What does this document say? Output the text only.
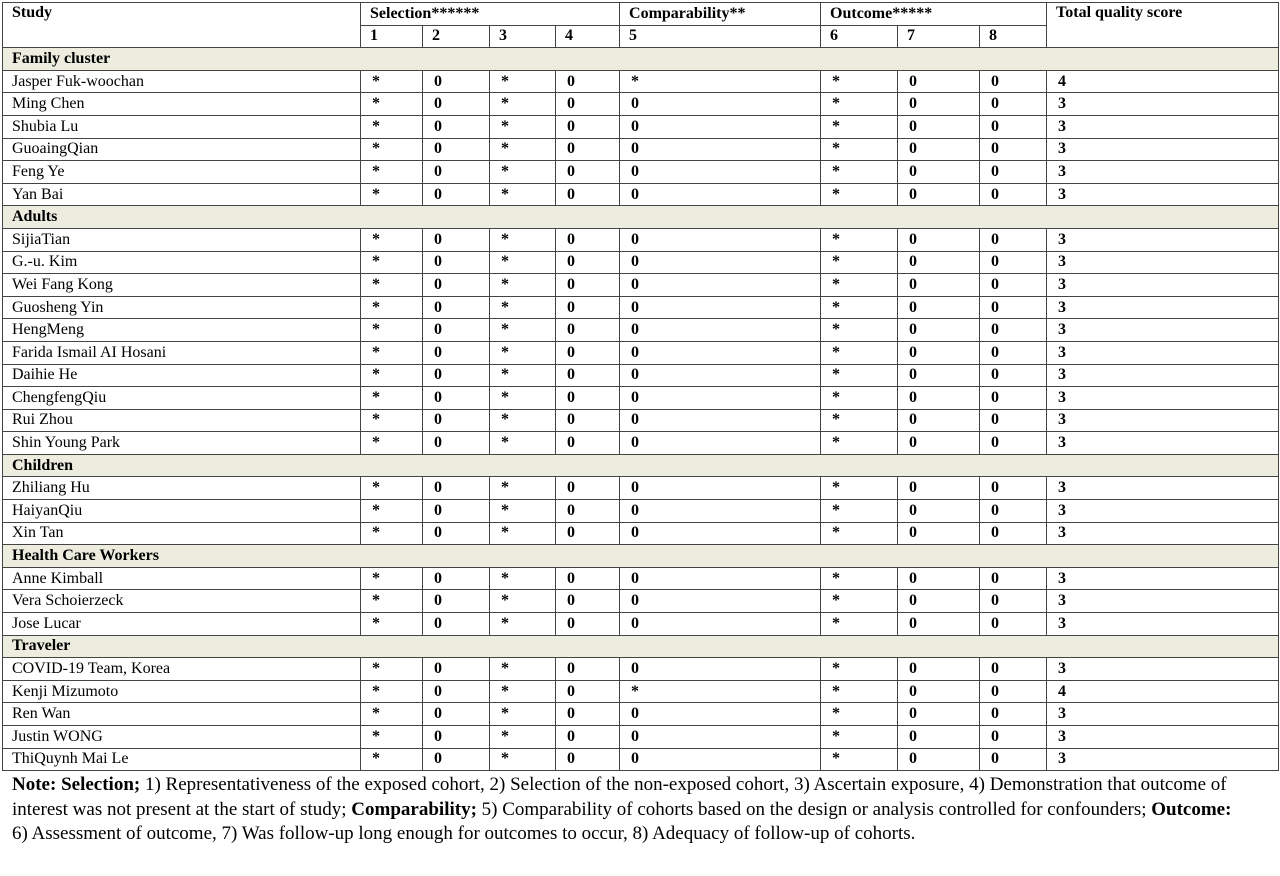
Study	Selection******				Comparability**	Outcome*****			Total quality score
	1	2	3	4	5	6	7	8	
Family cluster									
Jasper Fuk-woochan	*	0	*	0	*	*	0	0	4
Ming Chen	*	0	*	0	0	*	0	0	3
Shubia Lu	*	0	*	0	0	*	0	0	3
GuoaingQian	*	0	*	0	0	*	0	0	3
Feng Ye	*	0	*	0	0	*	0	0	3
Yan Bai	*	0	*	0	0	*	0	0	3
Adults									
SijiaTian	*	0	*	0	0	*	0	0	3
G.-u. Kim	*	0	*	0	0	*	0	0	3
Wei Fang Kong	*	0	*	0	0	*	0	0	3
Guosheng Yin	*	0	*	0	0	*	0	0	3
HengMeng	*	0	*	0	0	*	0	0	3
Farida Ismail AI Hosani	*	0	*	0	0	*	0	0	3
Daihie He	*	0	*	0	0	*	0	0	3
ChengfengQiu	*	0	*	0	0	*	0	0	3
Rui Zhou	*	0	*	0	0	*	0	0	3
Shin Young Park	*	0	*	0	0	*	0	0	3
Children									
Zhiliang Hu	*	0	*	0	0	*	0	0	3
HaiyanQiu	*	0	*	0	0	*	0	0	3
Xin Tan	*	0	*	0	0	*	0	0	3
Health Care Workers									
Anne Kimball	*	0	*	0	0	*	0	0	3
Vera Schoierzeck	*	0	*	0	0	*	0	0	3
Jose Lucar	*	0	*	0	0	*	0	0	3
Traveler									
COVID-19 Team, Korea	*	0	*	0	0	*	0	0	3
Kenji Mizumoto	*	0	*	0	*	*	0	0	4
Ren Wan	*	0	*	0	0	*	0	0	3
Justin WONG	*	0	*	0	0	*	0	0	3
ThiQuynh Mai Le	*	0	*	0	0	*	0	0	3

Note: Selection; 1) Representativeness of the exposed cohort, 2) Selection of the non-exposed cohort, 3) Ascertain exposure, 4) Demonstration that outcome of interest was not present at the start of study; Comparability; 5) Comparability of cohorts based on the design or analysis controlled for confounders; Outcome: 6) Assessment of outcome, 7) Was follow-up long enough for outcomes to occur, 8) Adequacy of follow-up of cohorts.
